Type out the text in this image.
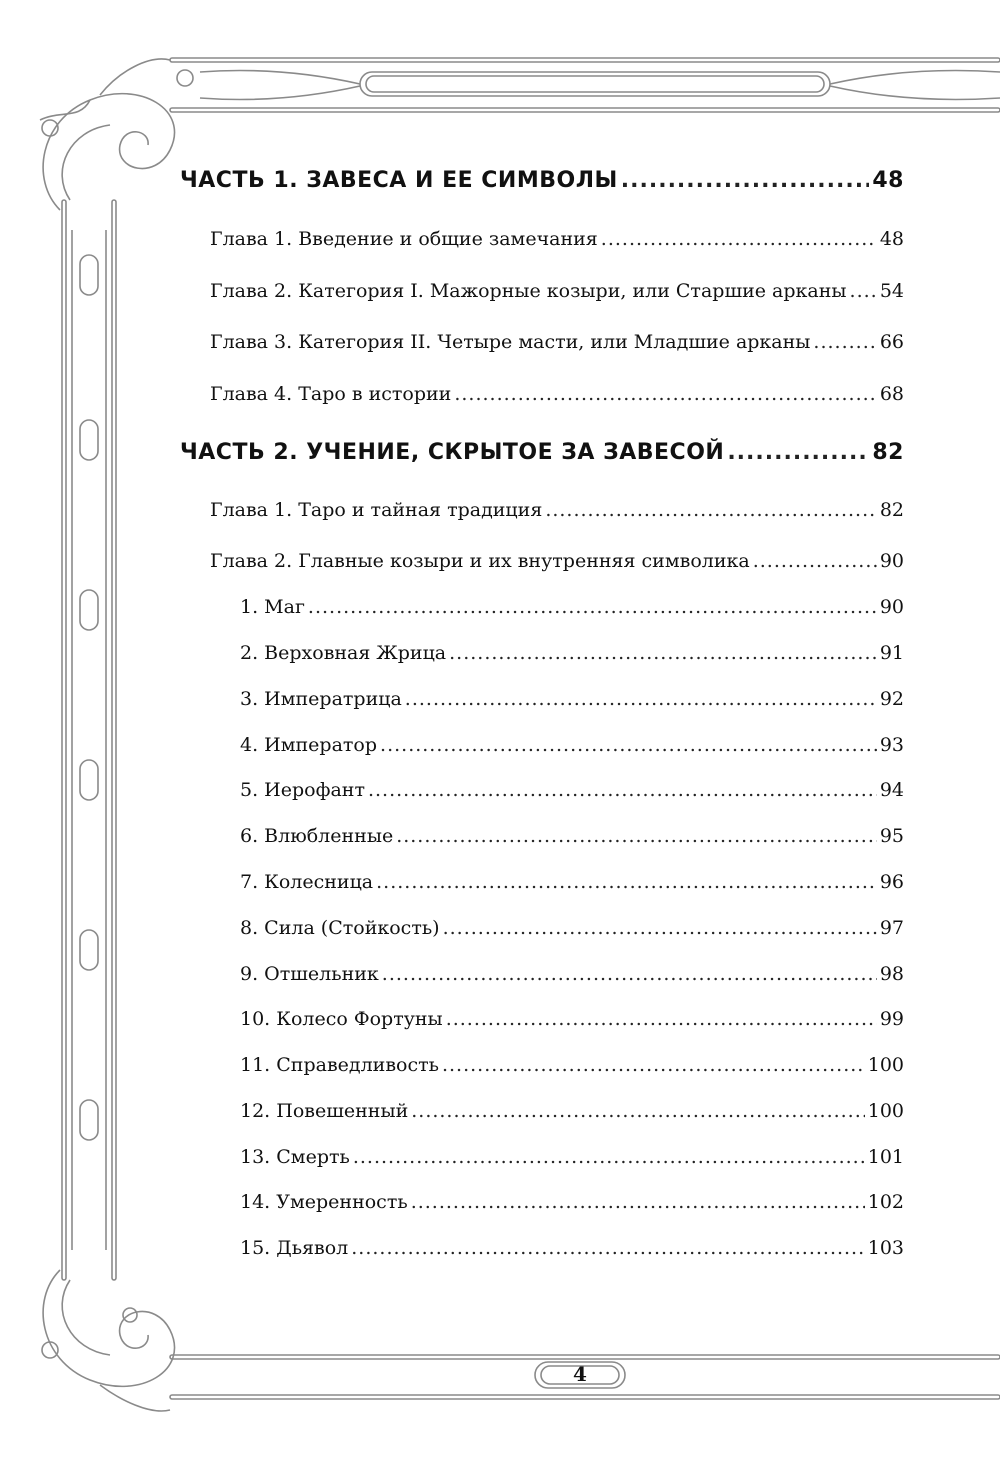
ЧАСТЬ 1. ЗАВЕСА И ЕЕ СИМВОЛЫ .....	48
Глава 1. Введение и общие замечания .....	48
Глава 2. Категория I. Мажорные козыри, или Старшие арканы ..... 54
Глава 3. Категория II. Четыре масти, или Младшие арканы .....	66
Глава 4. Таро в истории .....	68
ЧАСТЬ 2. УЧЕНИЕ, СКРЫТОЕ ЗА ЗАВЕСОЙ .....	82
Глава 1. Таро и тайная традиция .....	82
Глава 2. Главные козыри и их внутренняя символика .....	90
1. Маг .....	90
2. Верховная Жрица .....	91
3. Императрица .....	92
4. Император .....	93
5. Иерофант .....	94
6. Влюбленные .....	95
7. Колесница .....	96
8. Сила (Стойкость) .....	97
9. Отшельник .....	98
10. Колесо Фортуны .....	99
11. Справедливость .....	100
12. Повешенный .....	100
13. Смерть .....	101
14. Умеренность .....	102
15. Дьявол .....	103
4
